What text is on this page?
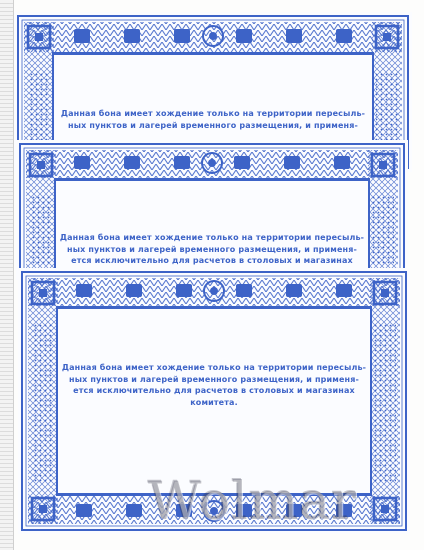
Данная бона имеет хождение только на территории пересыль-
ных пунктов и лагерей временного размещения, и применя-
Данная бона имеет хождение только на территории пересыль-
ных пунктов и лагерей временного размещения, и применя-
ется исключительно для расчетов в столовых и магазинах
Данная бона имеет хождение только на территории пересыль-
ных пунктов и лагерей временного размещения, и применя-
ется исключительно для расчетов в столовых и магазинах
комитета.
Wolmar
